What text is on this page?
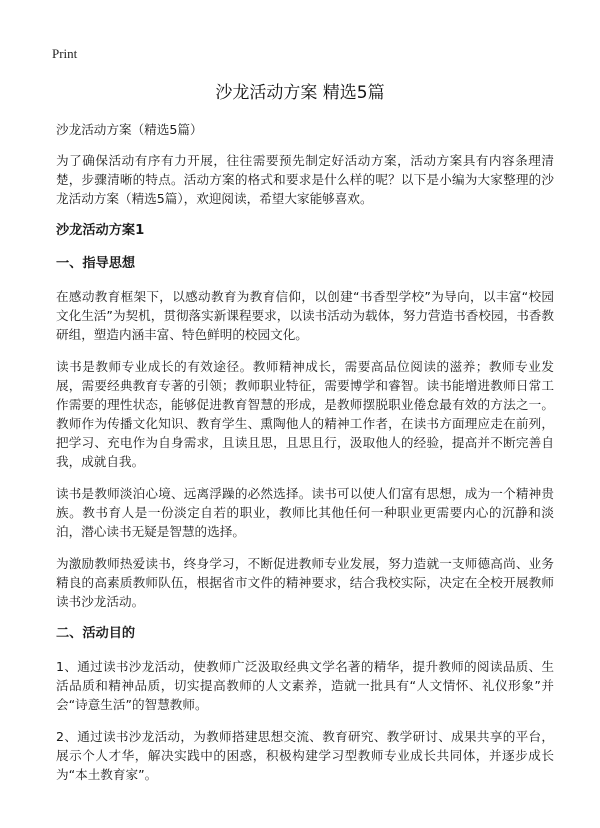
Print
沙龙活动方案 精选5篇

沙龙活动方案（精选5篇）

为了确保活动有序有力开展，往往需要预先制定好活动方案，活动方案具有内容条理清楚，步骤清晰的特点。活动方案的格式和要求是什么样的呢？以下是小编为大家整理的沙龙活动方案（精选5篇），欢迎阅读，希望大家能够喜欢。

沙龙活动方案1
一、指导思想

在感动教育框架下，以感动教育为教育信仰，以创建“书香型学校”为导向，以丰富“校园文化生活”为契机，贯彻落实新课程要求，以读书活动为载体，努力营造书香校园，书香教研组，塑造内涵丰富、特色鲜明的校园文化。

读书是教师专业成长的有效途径。教师精神成长，需要高品位阅读的滋养；教师专业发展，需要经典教育专著的引领；教师职业特征，需要博学和睿智。读书能增进教师日常工作需要的理性状态，能够促进教育智慧的形成，是教师摆脱职业倦怠最有效的方法之一。教师作为传播文化知识、教育学生、熏陶他人的精神工作者，在读书方面理应走在前列，把学习、充电作为自身需求，且读且思，且思且行，汲取他人的经验，提高并不断完善自我，成就自我。

读书是教师淡泊心境、远离浮躁的必然选择。读书可以使人们富有思想，成为一个精神贵族。教书育人是一份淡定自若的职业，教师比其他任何一种职业更需要内心的沉静和淡泊，潜心读书无疑是智慧的选择。

为激励教师热爱读书，终身学习，不断促进教师专业发展，努力造就一支师德高尚、业务精良的高素质教师队伍，根据省市文件的精神要求，结合我校实际，决定在全校开展教师读书沙龙活动。

二、活动目的

1、通过读书沙龙活动，使教师广泛汲取经典文学名著的精华，提升教师的阅读品质、生活品质和精神品质，切实提高教师的人文素养，造就一批具有“人文情怀、礼仪形象”并会“诗意生活”的智慧教师。

2、通过读书沙龙活动，为教师搭建思想交流、教育研究、教学研讨、成果共享的平台，展示个人才华，解决实践中的困惑，积极构建学习型教师专业成长共同体，并逐步成长为“本土教育家”。
